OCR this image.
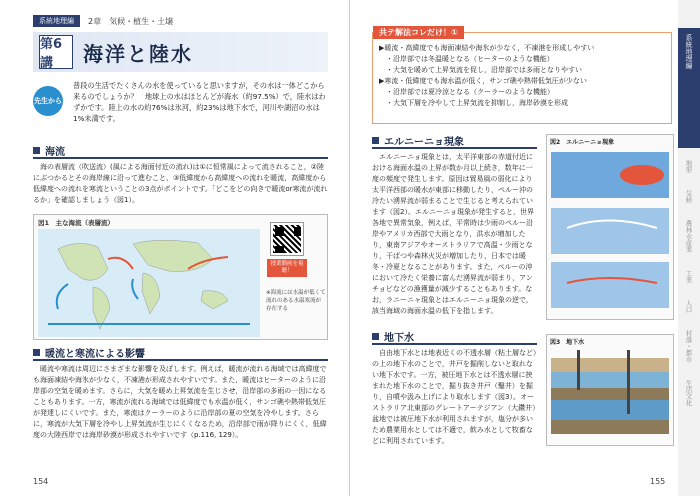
系統地理編	2章　気候・植生・土壌
第6講	海洋と陸水
先生から
普段の生活でたくさんの水を使っていると思いますが，その水は一体どこから来るのでしょうか？　地球上の水はほとんどが海水（約97.5%）で，陸水はわずかです。陸上の水の約76%は氷河，約23%は地下水で，河川や湖沼の水は1%未満です。
海流
海の表層流（吹送流）(風による海面付近の流れ)は①に恒常風によって流されること，②陸にぶつかるとその海岸線に沿って進むこと，③低緯度から高緯度への流れを暖流，高緯度から低緯度への流れを寒流ということの3点がポイントです。「どこをどの向きで暖流or寒流が流れるか」を確認しましょう（図1）。
図1　主な海流（表層流）
授業動画を視聴！
※海流には水温が低くて流れのある水温寒流が存在する
暖流と寒流による影響
暖流や寒流は周辺にさまざまな影響を及ぼします。例えば，暖流が流れる海域では高緯度でも海面凍結や海氷が少なく，不凍港が形成されやすいです。また，暖流はヒーターのように沿岸部の空気を暖めます。さらに，大気を暖め上昇気流を生じさせ，沿岸部の多雨の一因になることもあります。一方，寒流が流れる海域では低緯度でも水温が低く，サンゴ礁や熱帯低気圧が発達しにくいです。また，寒流はクーラーのように沿岸部の夏の空気を冷やします。さらに，寒流が大気下層を冷やし上昇気流が生じにくくなるため，沿岸部で雨が降りにくく，低緯度の大陸西岸では海岸砂漠が形成されやすいです（p.116, 129）。
154
共テ解法コレだけ！①
▶暖流・高緯度でも海面凍結や海氷が少なく，不凍港を形成しやすい
　・沿岸部では冬温暖となる（ヒーターのような機能）
　・大気を暖めて上昇気流を促し，沿岸部では多雨となりやすい
▶寒流・低緯度でも海水温が低く，サンゴ礁や熱帯低気圧が少ない
　・沿岸部では夏冷涼となる（クーラーのような機能）
　・大気下層を冷やして上昇気流を抑制し，海岸砂漠を形成
エルニーニョ現象
エルニーニョ現象とは，太平洋東部の赤道付近における海面水温の上昇が数か月以上続き，数年に一度の頻度で発生します。原因は貿易風の弱化により太平洋西部の暖水が東部に移動したり，ペルー沖の冷たい湧昇流が弱まることで生じると考えられています（図2）。エルニーニョ現象が発生すると，世界各地で異常気象，例えば，平常時は少雨のペルー沿岸やアメリカ西部で大雨となり，洪水が増加したり，東南アジアやオーストラリアで高温・少雨となり，干ばつや森林火災が増加したり，日本では暖冬・冷夏となることがあります。また，ペルーの沖において冷たく栄養に富んだ湧昇流が弱まり，アンチョビなどの漁獲量が減少することもあります。なお，ラニーニャ現象とはエルニーニョ現象の逆で，該当海域の海面水温の低下を指します。
図2　エルニーニョ現象
地下水
自由地下水とは地表近くの不透水層（粘土層など）の上の地下水のことで，井戸を掘削しないと取れない地下水です。一方，被圧地下水とは不透水層に挟まれた地下水のことで，掘り抜き井戸（鑿井）を掘り，自噴や汲み上げにより取水します（図3）。オーストラリア北東部のグレートアーテジアン（大鑽井）盆地では被圧地下水が利用されますが，塩分が多いため農業用水としては不適で，飲み水として牧畜などに利用されています。
図3　地下水
155
系統地理編
地形
気候
農林水産業
工業
人口
村落・都市
生活文化
